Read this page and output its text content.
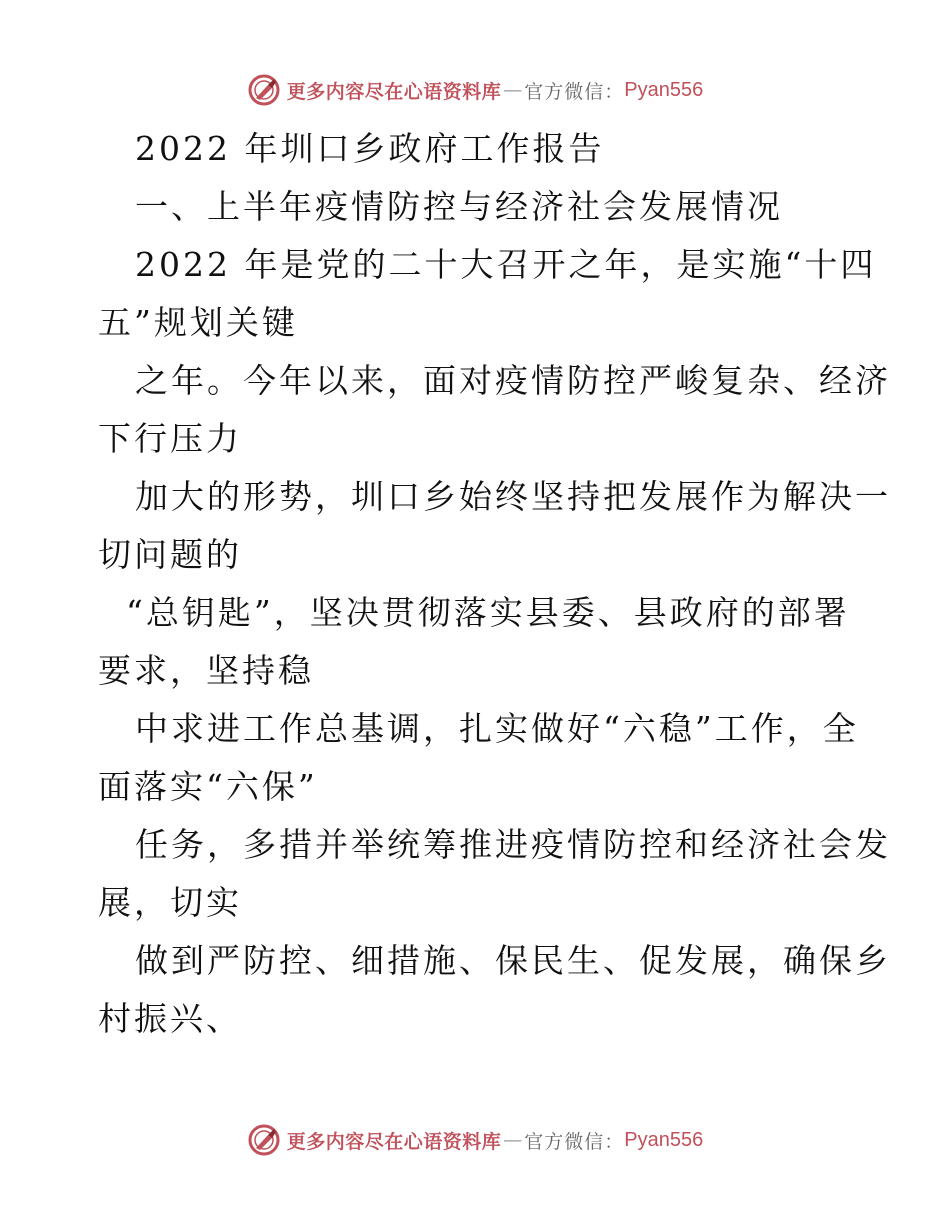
更多内容尽在心语资料库 — 官方微信： Pyan556
2022 年圳口乡政府工作报告
一、上半年疫情防控与经济社会发展情况
2022 年是党的二十大召开之年，是实施“十四
五”规划关键
之年。今年以来，面对疫情防控严峻复杂、经济
下行压力
加大的形势，圳口乡始终坚持把发展作为解决一
切问题的
“总钥匙”，坚决贯彻落实县委、县政府的部署
要求，坚持稳
中求进工作总基调，扎实做好“六稳”工作，全
面落实“六保”
任务，多措并举统筹推进疫情防控和经济社会发
展，切实
做到严防控、细措施、保民生、促发展，确保乡
村振兴、
更多内容尽在心语资料库 — 官方微信： Pyan556
